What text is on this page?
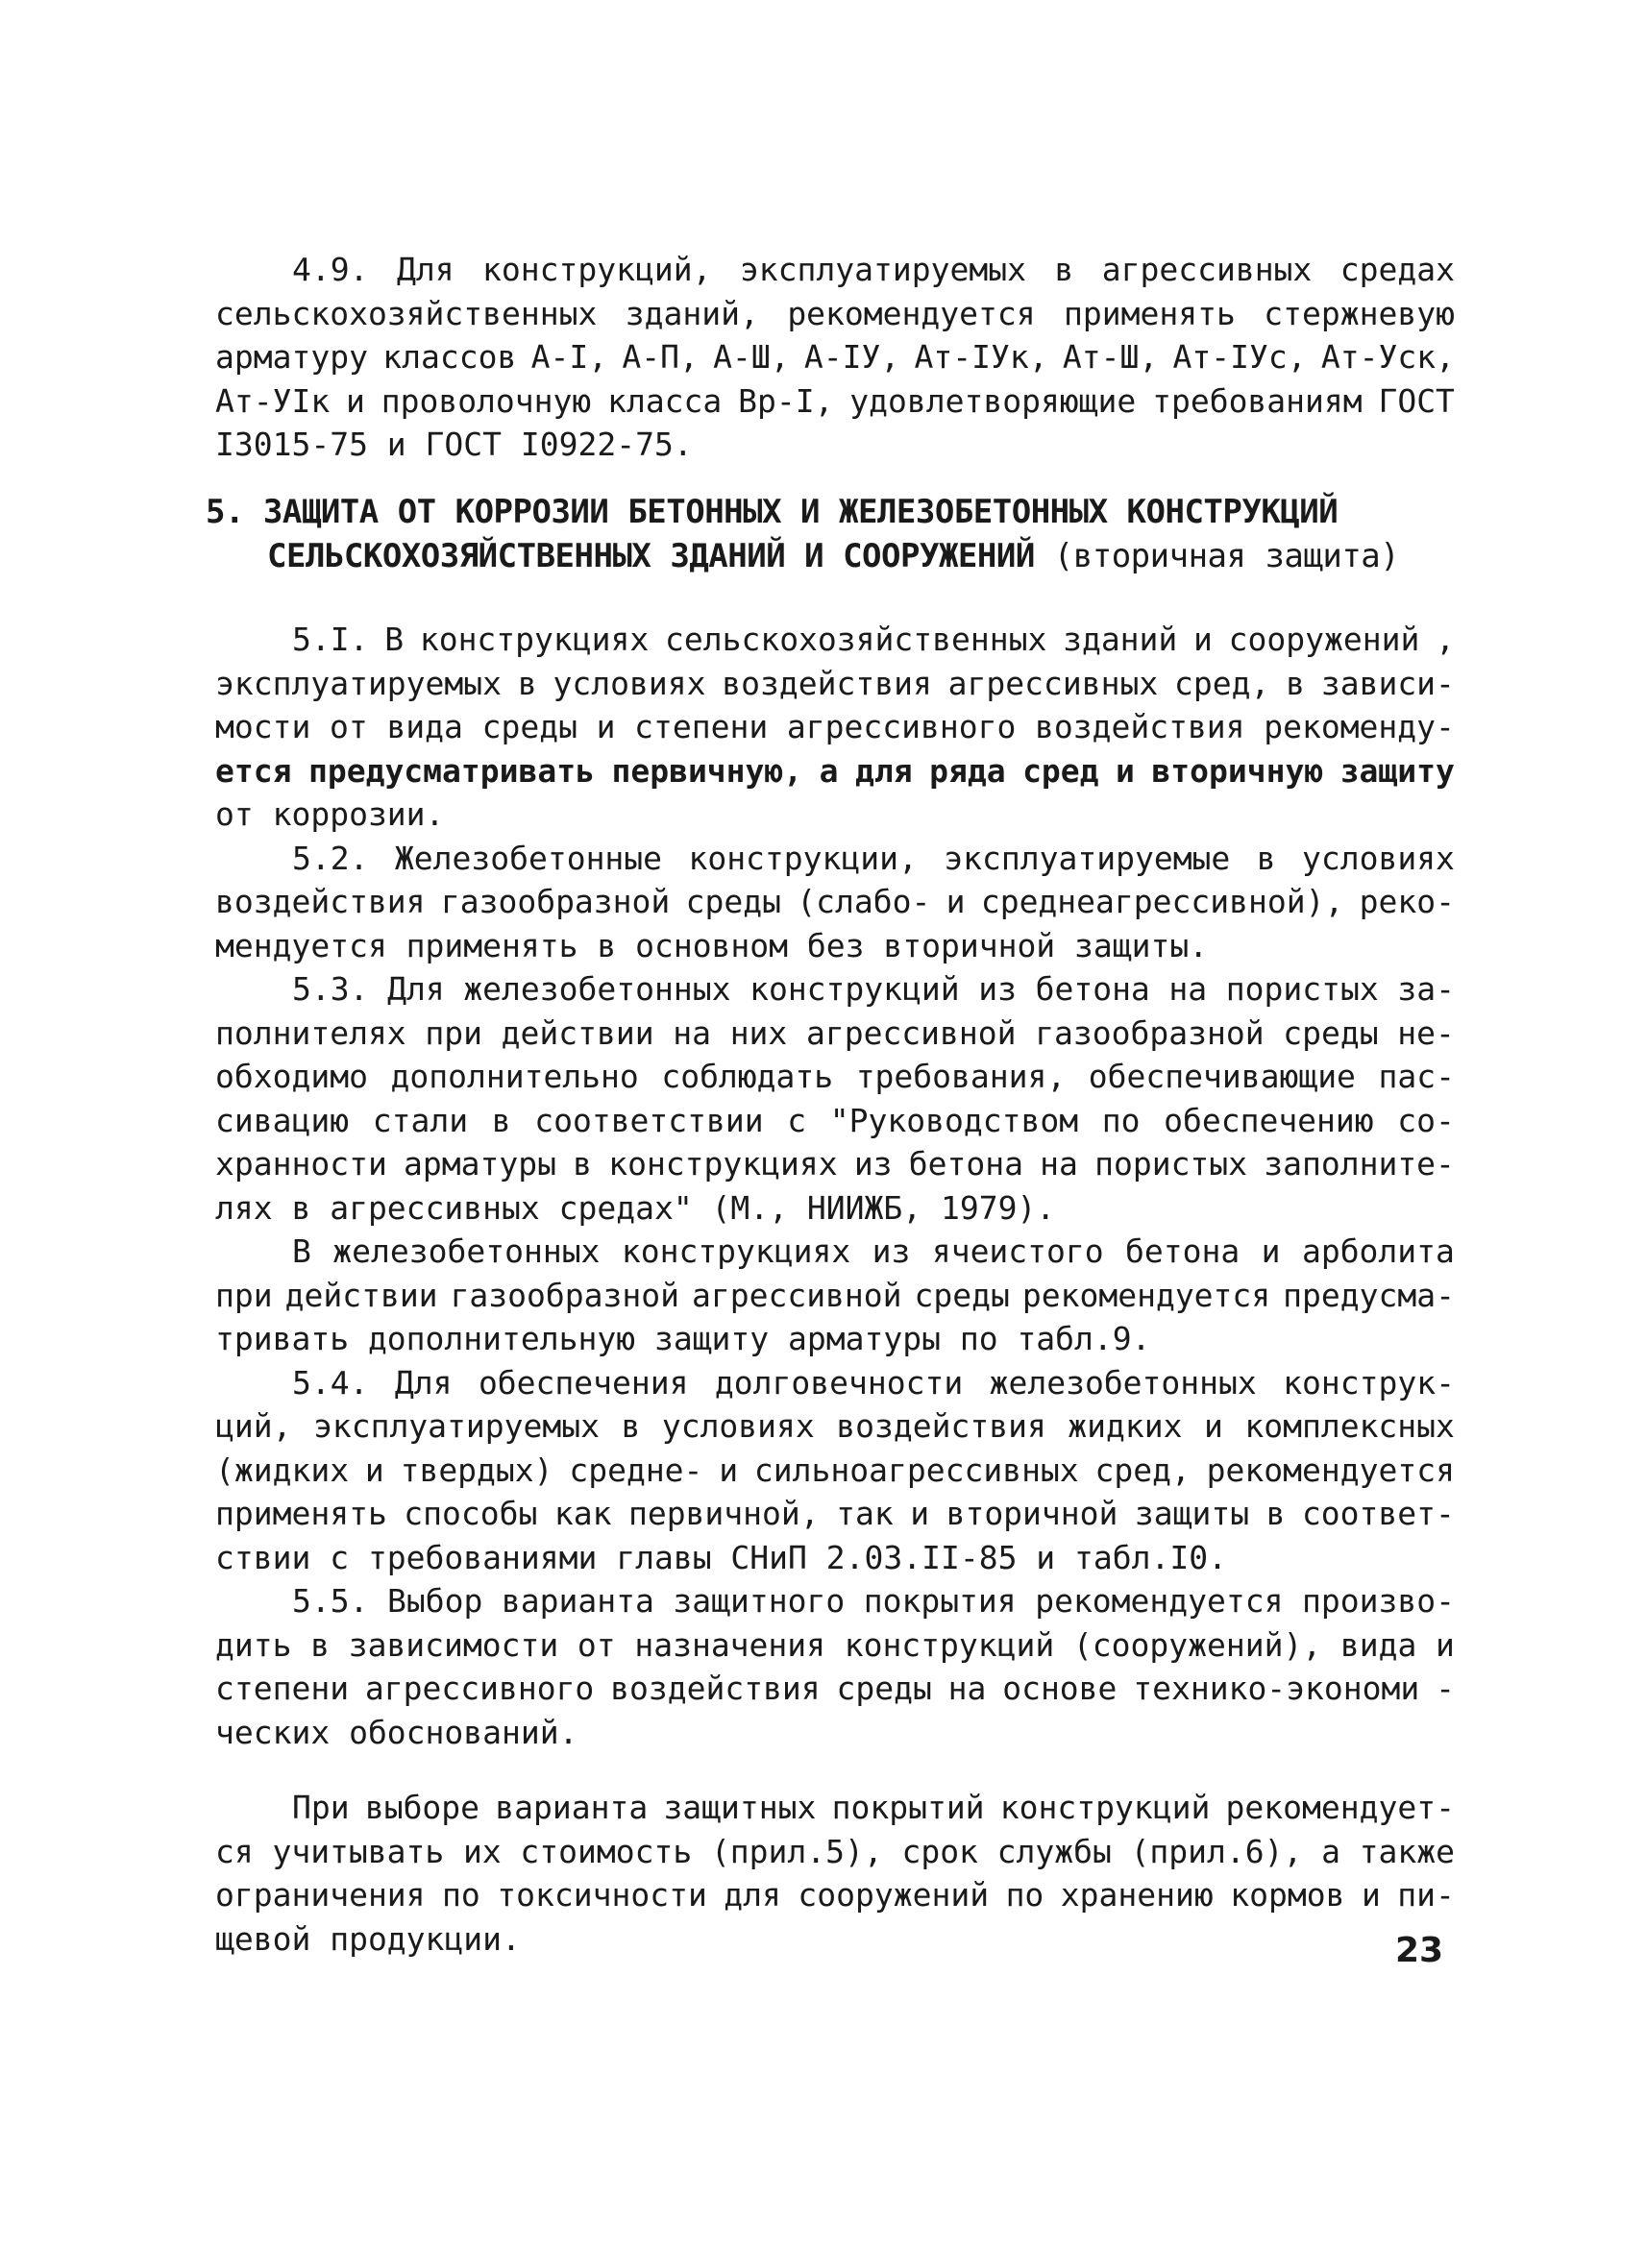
4.9. Для конструкций, эксплуатируемых в агрессивных средах
сельскохозяйственных зданий, рекомендуется применять стержневую
арматуру классов А-I, А-П, А-Ш, А-IУ, Ат-IУк, Ат-Ш, Ат-IУс, Ат-Уск,
Ат-УIк и проволочную класса Вр-I, удовлетворяющие требованиям ГОСТ
I3015-75 и ГОСТ I0922-75.
5. ЗАЩИТА ОТ КОРРОЗИИ БЕТОННЫХ И ЖЕЛЕЗОБЕТОННЫХ КОНСТРУКЦИЙ
СЕЛЬСКОХОЗЯЙСТВЕННЫХ ЗДАНИЙ И СООРУЖЕНИЙ (вторичная защита)
5.I. В конструкциях сельскохозяйственных зданий и сооружений ,
эксплуатируемых в условиях воздействия агрессивных сред, в зависи-
мости от вида среды и степени агрессивного воздействия рекоменду-
ется предусматривать первичную, а для ряда сред и вторичную защиту
от коррозии.
5.2. Железобетонные конструкции, эксплуатируемые в условиях
воздействия газообразной среды (слабо- и среднеагрессивной), реко-
мендуется применять в основном без вторичной защиты.
5.3. Для железобетонных конструкций из бетона на пористых за-
полнителях при действии на них агрессивной газообразной среды не-
обходимо дополнительно соблюдать требования, обеспечивающие пас-
сивацию стали в соответствии с "Руководством по обеспечению со-
хранности арматуры в конструкциях из бетона на пористых заполните-
лях в агрессивных средах" (М., НИИЖБ, 1979).
В железобетонных конструкциях из ячеистого бетона и арболита
при действии газообразной агрессивной среды рекомендуется предусма-
тривать дополнительную защиту арматуры по табл.9.
5.4. Для обеспечения долговечности железобетонных конструк-
ций, эксплуатируемых в условиях воздействия жидких и комплексных
(жидких и твердых) средне- и сильноагрессивных сред, рекомендуется
применять способы как первичной, так и вторичной защиты в соответ-
ствии с требованиями главы СНиП 2.03.II-85 и табл.I0.
5.5. Выбор варианта защитного покрытия рекомендуется произво-
дить в зависимости от назначения конструкций (сооружений), вида и
степени агрессивного воздействия среды на основе технико-экономи -
ческих обоснований.
При выборе варианта защитных покрытий конструкций рекомендует-
ся учитывать их стоимость (прил.5), срок службы (прил.6), а также
ограничения по токсичности для сооружений по хранению кормов и пи-
щевой продукции.	23
